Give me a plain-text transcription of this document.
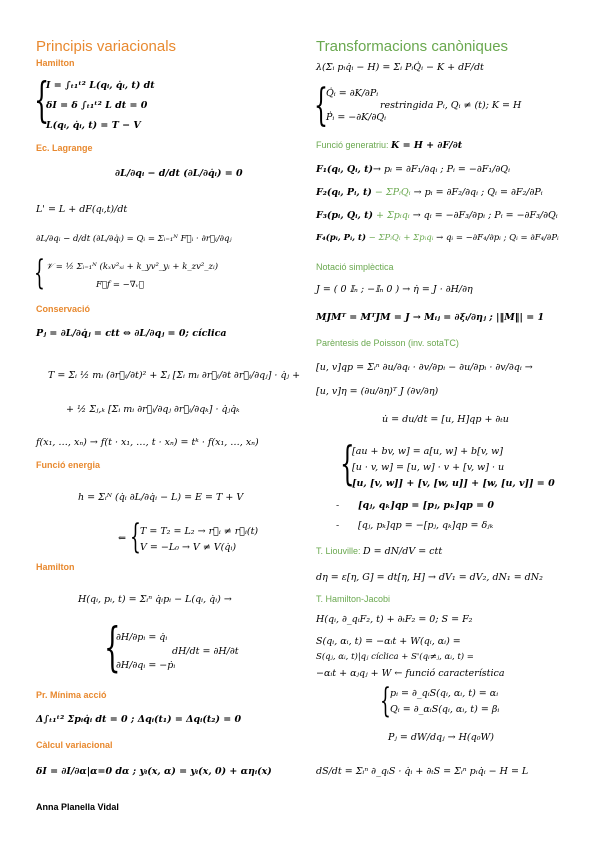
Principis variacionals
Hamilton
{
I = ∫ₜ₁ᵗ² L(qᵢ, q̇ᵢ, t) dt
δI = δ ∫ₜ₁ᵗ² L dt = 0
L(qᵢ, q̇ᵢ, t) = T − V
Ec. Lagrange
∂L/∂qᵢ − d/dt (∂L/∂q̇ᵢ) = 0
L' = L + dF(qᵢ,t)/dt
∂L/∂qᵢ − d/dt (∂L/∂q̇ᵢ) = Qᵢ = Σᵢ₌₁ᴺ F⃗ᵢ · ∂r⃗ᵢ/∂qⱼ
{ 𝒱 = ½ Σᵢ₌₁ᴺ (kₓv²ₓᵢ + k_yv²_yᵢ + k_zv²_zᵢ)
F⃗f = −∇ᵥ𝒱
Conservació
Pⱼ = ∂L/∂q̇ⱼ = ctt ⇔ ∂L/∂qⱼ = 0; cíclica
T = Σᵢ ½ mᵢ (∂r⃗ᵢ/∂t)² + Σⱼ [Σᵢ mᵢ ∂r⃗ᵢ/∂t ∂r⃗ᵢ/∂qⱼ] · q̇ⱼ +
+ ½ Σⱼ,ₖ [Σᵢ mᵢ ∂r⃗ᵢ/∂qⱼ ∂r⃗ᵢ/∂qₖ] · q̇ⱼq̇ₖ
f(x₁, …, xₙ) → f(t · x₁, …, t · xₙ) = tᵏ · f(x₁, …, xₙ)
Funció energia
h = Σᵢᴺ (q̇ᵢ ∂L/∂q̇ᵢ − L) = E = T + V
⇐ { T = T₂ = L₂ → r⃗ᵢ ≠ r⃗ᵢ(t)
V = −L₀ → V ≠ V(q̇ᵢ)
Hamilton
H(qᵢ, pᵢ, t) = Σᵢⁿ q̇ᵢpᵢ − L(qᵢ, q̇ᵢ) →
{
∂H/∂pᵢ = q̇ᵢ
∂H/∂qᵢ = −ṗᵢ
dH/dt = ∂H/∂t
Pr. Mínima acció
Δ∫ₜ₁ᵗ² Σpᵢq̇ᵢ dt = 0 ; Δqᵢ(t₁) = Δqᵢ(t₂) = 0
Càlcul variacional
δI = ∂I/∂α|α=0 dα ; yᵢ(x, α) = yᵢ(x, 0) + αηᵢ(x)
Anna Planella Vidal
Transformacions canòniques
λ(Σᵢ pᵢq̇ᵢ − H) = Σᵢ PᵢQ̇ᵢ − K + dF/dt
{
Q̇ᵢ = ∂K/∂Pᵢ
Ṗᵢ = −∂K/∂Qᵢ
restringida Pᵢ, Qᵢ ≠ (t); K = H
Funció generatriu: K = H + ∂F/∂t
F₁(qᵢ, Qᵢ, t)→ pᵢ = ∂F₁/∂qᵢ ; Pᵢ = −∂F₁/∂Qᵢ
F₂(qᵢ, Pᵢ, t) − ΣPᵢQᵢ → pᵢ = ∂F₂/∂qᵢ ; Qᵢ = ∂F₂/∂Pᵢ
F₃(pᵢ, Qᵢ, t) + Σpᵢqᵢ → qᵢ = −∂F₃/∂pᵢ ; Pᵢ = −∂F₃/∂Qᵢ
F₄(pᵢ, Pᵢ, t) − ΣPᵢQᵢ + Σpᵢqᵢ → qᵢ = −∂F₄/∂pᵢ ; Qᵢ = ∂F₄/∂Pᵢ
Notació simplèctica
J = ( 0 𝕀ₙ ; −𝕀ₙ 0 ) → η̇ = J · ∂H/∂η
MJMᵀ = MᵀJM = J → Mᵢⱼ = ∂ξᵢ/∂ηⱼ ; |‖M‖| = 1
Parèntesis de Poisson (inv. sotaTC)
[u, v]qp = Σᵢⁿ ∂u/∂qᵢ · ∂v/∂pᵢ − ∂u/∂pᵢ · ∂v/∂qᵢ →
[u, v]η = (∂u/∂η)ᵀ J (∂v/∂η)
u̇ = du/dt = [u, H]qp + ∂ₜu
{
[au + bv, w] = a[u, w] + b[v, w]
[u · v, w] = [u, w] · v + [v, w] · u
[u, [v, w]] + [v, [w, u]] + [w, [u, v]] = 0
- [qⱼ, qₖ]qp = [pⱼ, pₖ]qp = 0
- [qⱼ, pₖ]qp = −[pⱼ, qₖ]qp = δⱼₖ
T. Liouville: D = dN/dV = ctt
dη = ε[η, G] = dt[η, H] → dV₁ = dV₂, dN₁ = dN₂
T. Hamilton-Jacobi
H(qᵢ, ∂_qᵢF₂, t) + ∂ₜF₂ = 0; S = F₂
S(qᵢ, αᵢ, t) = −αᵢt + W(qᵢ, αᵢ) =
S(qⱼ, αᵢ, t)|qⱼ cíclica + S'(qᵢ≠ⱼ, αᵢ, t) =
−αᵢt + αⱼqⱼ + W ← funció característica
{ pᵢ = ∂_qᵢS(qᵢ, αᵢ, t) = αᵢ
Qᵢ = ∂_αᵢS(qᵢ, αᵢ, t) = βᵢ
Pⱼ = dW/dqⱼ → H(q₀W)
dS/dt = Σᵢⁿ ∂_qᵢS · q̇ᵢ + ∂ₜS = Σᵢⁿ pᵢq̇ᵢ − H = L
